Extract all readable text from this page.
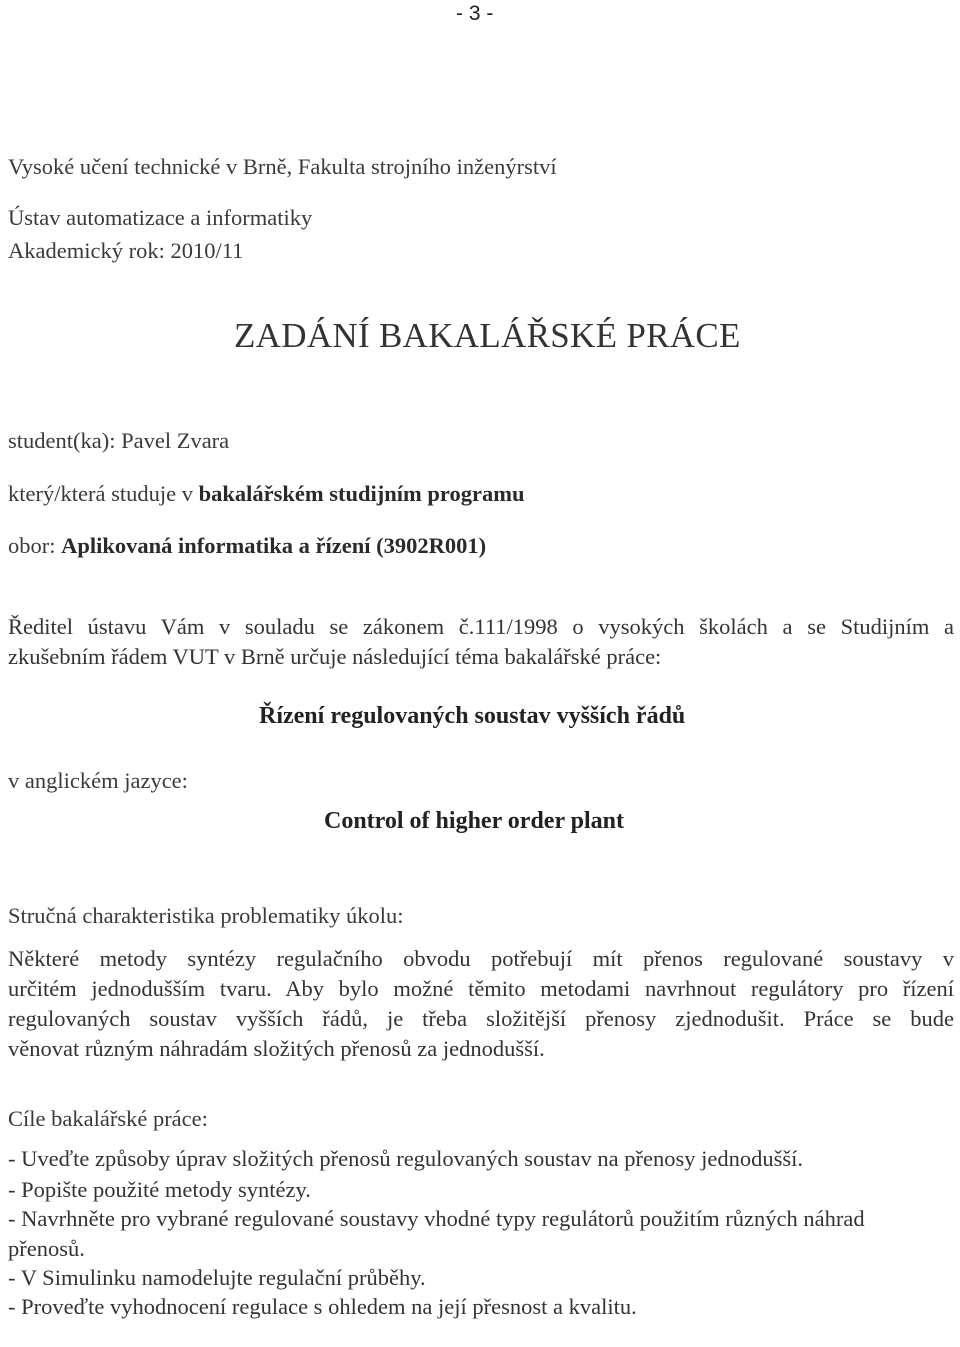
- 3 -
Vysoké učení technické v Brně, Fakulta strojního inženýrství
Ústav automatizace a informatiky
Akademický rok: 2010/11
ZADÁNÍ BAKALÁŘSKÉ PRÁCE
student(ka): Pavel Zvara
který/která studuje v bakalářském studijním programu
obor: Aplikovaná informatika a řízení (3902R001)
Ředitel ústavu Vám v souladu se zákonem č.111/1998 o vysokých školách a se Studijním a
zkušebním řádem VUT v Brně určuje následující téma bakalářské práce:
Řízení regulovaných soustav vyšších řádů
v anglickém jazyce:
Control of higher order plant
Stručná charakteristika problematiky úkolu:
Některé metody syntézy regulačního obvodu potřebují mít přenos regulované soustavy v
určitém jednodušším tvaru. Aby bylo možné těmito metodami navrhnout regulátory pro řízení
regulovaných soustav vyšších řádů, je třeba složitější přenosy zjednodušit. Práce se bude
věnovat různým náhradám složitých přenosů za jednodušší.
Cíle bakalářské práce:
- Uveďte způsoby úprav složitých přenosů regulovaných soustav na přenosy jednodušší.
- Popište použité metody syntézy.
- Navrhněte pro vybrané regulované soustavy vhodné typy regulátorů použitím různých náhrad
přenosů.
- V Simulinku namodelujte regulační průběhy.
- Proveďte vyhodnocení regulace s ohledem na její přesnost a kvalitu.
